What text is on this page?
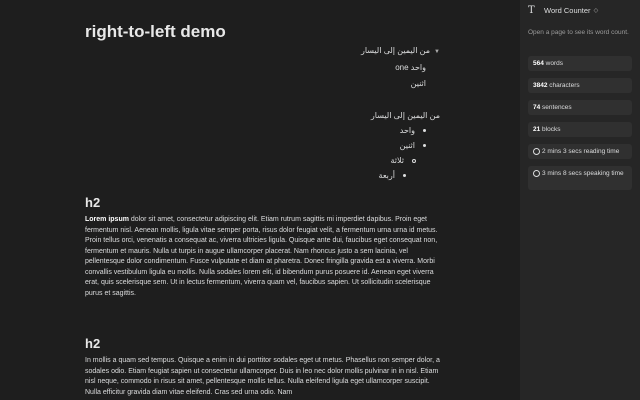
right-to-left demo
▼من اليمين إلى اليسار
واحد one
اثنين
من اليمين إلى اليسار
واحد
اثنين
ثلاثة
أربعة
h2

Lorem ipsum dolor sit amet, consectetur adipiscing elit. Etiam rutrum sagittis mi imperdiet dapibus. Proin eget fermentum nisl. Aenean mollis, ligula vitae semper porta, risus dolor feugiat velit, a fermentum urna urna id metus. Proin tellus orci, venenatis a consequat ac, viverra ultricies ligula. Quisque ante dui, faucibus eget consequat non, fermentum et mauris. Nulla ut turpis in augue ullamcorper placerat. Nam rhoncus justo a sem lacinia, vel pellentesque dolor condimentum. Fusce vulputate et diam at pharetra. Donec fringilla gravida est a viverra. Morbi convallis vestibulum ligula eu mollis. Nulla sodales lorem elit, id bibendum purus posuere id. Aenean eget viverra erat, quis scelerisque sem. Ut in lectus fermentum, viverra quam vel, faucibus sapien. Ut sollicitudin scelerisque purus et sagittis.

h2

In mollis a quam sed tempus. Quisque a enim in dui porttitor sodales eget ut metus. Phasellus non semper dolor, a sodales odio. Etiam feugiat sapien ut consectetur ullamcorper. Duis in leo nec dolor mollis pulvinar in in nisl. Etiam nisl neque, commodo in risus sit amet, pellentesque mollis tellus. Nulla eleifend ligula eget ullamcorper suscipit. Nulla efficitur gravida diam vitae eleifend. Cras sed urna odio. Nam

T	Word Counter ◇

Open a page to see its word count.

564 words
3842 characters
74 sentences
21 blocks
2 mins 3 secs reading time
3 mins 8 secs speaking time
